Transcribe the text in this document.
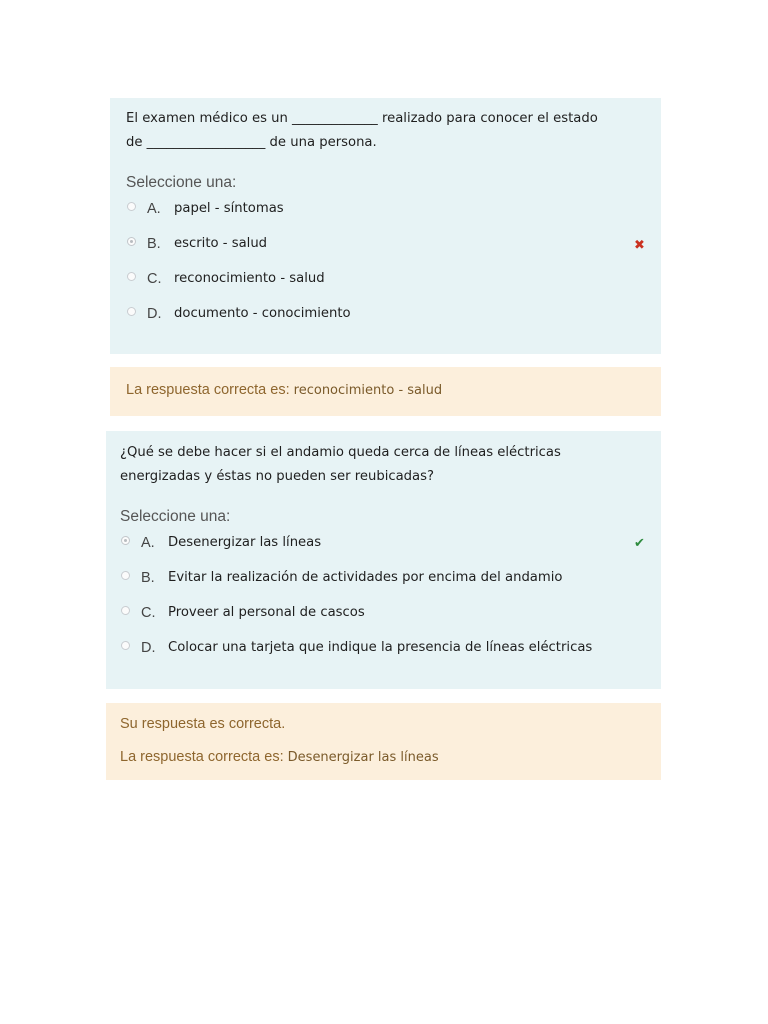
El examen médico es un _____________ realizado para conocer el estado
de __________________ de una persona.

Seleccione una:
A. papel - síntomas
B. escrito - salud
C. reconocimiento - salud
D. documento - conocimiento
✖
La respuesta correcta es: reconocimiento - salud

¿Qué se debe hacer si el andamio queda cerca de líneas eléctricas
energizadas y éstas no pueden ser reubicadas?

Seleccione una:
A. Desenergizar las líneas
B. Evitar la realización de actividades por encima del andamio
C. Proveer al personal de cascos
D. Colocar una tarjeta que indique la presencia de líneas eléctricas
✔
Su respuesta es correcta.
La respuesta correcta es: Desenergizar las líneas
